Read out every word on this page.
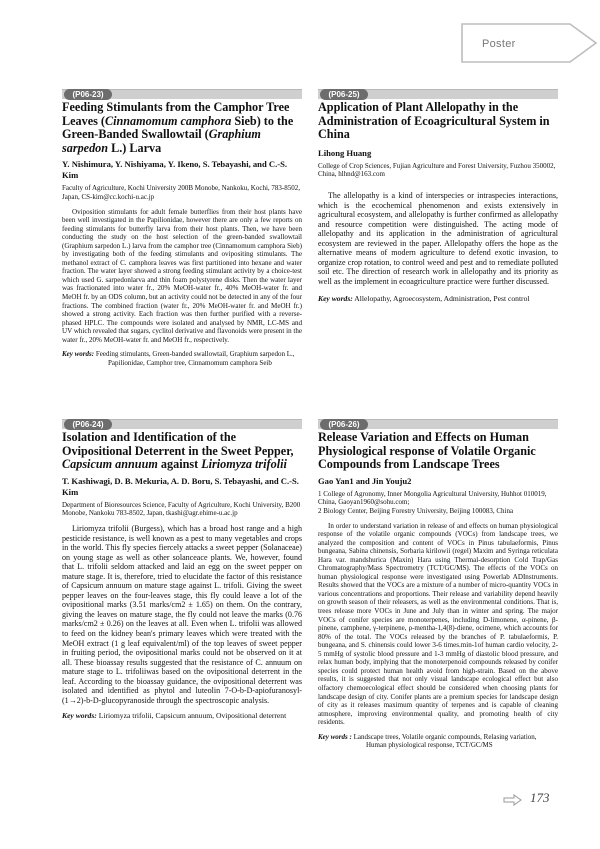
Poster
(P06-23)
Feeding Stimulants from the Camphor Tree Leaves (Cinnamomum camphora Sieb) to the Green-Banded Swallowtail (Graphium sarpedon L.) Larva
Y. Nishimura, Y. Nishiyama, Y. Ikeno, S. Tebayashi, and C.-S. Kim
Faculty of Agriculture, Kochi University 200B Monobe, Nankoku, Kochi, 783-8502, Japan, CS-kim@cc.kochi-u.ac.jp
Oviposition stimulants for adult female butterflies from their host plants have been well investigated in the Papilionidae, however there are only a few reports on feeding stimulants for butterfly larva from their host plants. Then, we have been conducting the study on the host selection of the green-banded swallowtail (Graphium sarpedon L.) larva from the camphor tree (Cinnamomum camphora Sieb) by investigating both of the feeding stimulants and ovipositing stimulants. The methanol extract of C. camphora leaves was first partitioned into hexane and water fraction. The water layer showed a strong feeding stimulant activity by a choice-test which used G. sarpedonlarva and thin foam polystyrene disks. Then the water layer was fractionated into water fr., 20% MeOH-water fr., 40% MeOH-water fr. and MeOH fr. by an ODS column, but an activity could not be detected in any of the four fractions. The combined fraction (water fr., 20% MeOH-water fr. and MeOH fr.) showed a strong activity. Each fraction was then further purified with a reverse-phased HPLC. The compounds were isolated and analysed by NMR, LC-MS and UV which revealed that sugars, cyclitol derivative and flavonoids were present in the water fr., 20% MeOH-water fr. and MeOH fr., respectively.
Key words: Feeding stimulants, Green-banded swallowtail, Graphium sarpedon L., Papilionidae, Camphor tree, Cinnamomum camphora Seib
(P06-25)
Application of Plant Allelopathy in the Administration of Ecoagricultural System in China
Lihong Huang
College of Crop Sciences, Fujian Agriculture and Forest University, Fuzhou 350002, China, hlhnd@163.com
The allelopathy is a kind of interspecies or intraspecies interactions, which is the ecochemical phenomenon and exists extensively in agricultural ecosystem, and allelopathy is further confirmed as allelopathy and resource competition were distinguished. The acting mode of allelopathy and its application in the administration of agricultural ecosystem are reviewed in the paper. Allelopathy offers the hope as the alternative means of modern agriculture to defend exotic invasion, to organize crop rotation, to control weed and pest and to remediate polluted soil etc. The direction of research work in allelopathy and its priority as well as the implement in ecoagriculture practice were further discussed.
Key words: Allelopathy, Agroecosystem, Administration, Pest control
(P06-24)
Isolation and Identification of the Ovipositional Deterrent in the Sweet Pepper, Capsicum annuum against Liriomyza trifolii
T. Kashiwagi, D. B. Mekuria, A. D. Boru, S. Tebayashi, and C.-S. Kim
Department of Bioresources Science, Faculty of Agriculture, Kochi University, B200 Monobe, Nankoku 783-8502, Japan, tkashi@agr.ehime-u.ac.jp
Liriomyza trifolii (Burgess), which has a broad host range and a high pesticide resistance, is well known as a pest to many vegetables and crops in the world. This fly species fiercely attacks a sweet pepper (Solanaceae) on young stage as well as other solanceace plants. We, however, found that L. trifolii seldom attacked and laid an egg on the sweet pepper on mature stage. It is, therefore, tried to elucidate the factor of this resistance of Capsicum annuum on mature stage against L. trifoli. Giving the sweet pepper leaves on the four-leaves stage, this fly could leave a lot of the ovipositional marks (3.51 marks/cm2 ± 1.65) on them. On the contrary, giving the leaves on mature stage, the fly could not leave the marks (0.76 marks/cm2 ± 0.26) on the leaves at all. Even when L. trifolii was allowed to feed on the kidney bean's primary leaves which were treated with the MeOH extract (1 g leaf equivalent/ml) of the top leaves of sweet pepper in fruiting period, the ovipositional marks could not be observed on it at all. These bioassay results suggested that the resistance of C. annuum on mature stage to L. trifoliiwas based on the ovipositional deterrent in the leaf. According to the bioassay guidance, the ovipositional deterrent was isolated and identified as phytol and luteolin 7-O-b-D-apiofuranosyl-(1→2)-b-D-glucopyranoside through the spectroscopic analysis.
Key words: Liriomyza trifolii, Capsicum annuum, Ovipositional deterrent
(P06-26)
Release Variation and Effects on Human Physiological response of Volatile Organic Compounds from Landscape Trees
Gao Yan1 and Jin Youju2
1 College of Agronomy, Inner Mongolia Agricultural University, Huhhot 010019, China, Gaoyan1960@sohu.com;
2 Biology Center, Beijing Forestry University, Beijing 100083, China
In order to understand variation in release of and effects on human physiological response of the volatile organic compounds (VOCs) from landscape trees, we analyzed the composition and content of VOCs in Pinus tabulaeformis, Pinus bungeana, Sabina chinensis, Sorbaria kirilowii (regel) Maxim and Syringa reticulata Hara var. mandshurica (Maxin) Hara using Thermal-desorption Cold Trap/Gas Chromatography/Mass Spectrometry (TCT/GC/MS). The effects of the VOCs on human physiological response were investigated using Powerlab ADInstruments. Results showed that the VOCs are a mixture of a number of micro-quantity VOCs in various concentrations and proportions. Their release and variability depend heavily on growth season of their releasers, as well as the environmental conditions. That is, trees release more VOCs in June and July than in winter and spring. The major VOCs of conifer species are monoterpenes, including D-limonene, α-pinene, β-pinene, camphene, γ-terpinene, ρ-mentha-1,4(8)-diene, ocimene, which accounts for 80% of the total. The VOCs released by the branches of P. tabulaeformis, P. bungeana, and S. chinensis could lower 3-6 times.min-1of human cardio velocity, 2-5 mmHg of systolic blood pressure and 1-3 mmHg of diastolic blood pressure, and relax human body, implying that the monoterpenoid compounds released by conifer species could protect human health avoid from high-strain. Based on the above results, it is suggested that not only visual landscape ecological effect but also olfactory chemoecological effect should be considered when choosing plants for landscape design of city. Conifer plants are a premium species for landscape design of city as it releases maximum quantity of terpenes and is capable of cleaning atmosphere, improving environmental quality, and promoting health of city residents.
Key words : Landscape trees, Volatile organic compounds, Relasing variation, Human physiological response, TCT/GC/MS
173
